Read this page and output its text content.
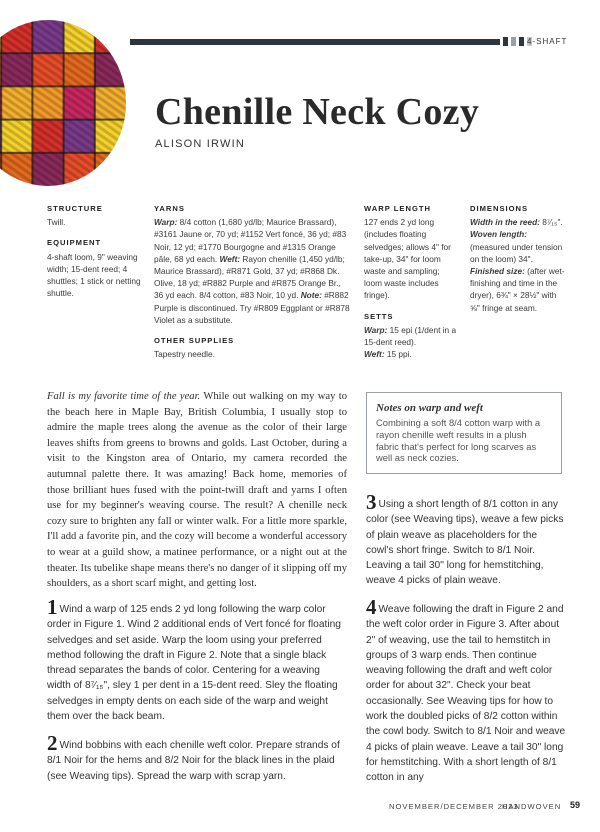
4-SHAFT
Chenille Neck Cozy
ALISON IRWIN
STRUCTURE

Twill.

EQUIPMENT

4-shaft loom, 9" weaving width; 15-dent reed; 4 shuttles; 1 stick or netting shuttle.

YARNS

Warp: 8/4 cotton (1,680 yd/lb; Maurice Brassard), #3161 Jaune or, 70 yd; #1152 Vert foncé, 36 yd; #83 Noir, 12 yd; #1770 Bourgogne and #1315 Orange pâle, 68 yd each. Weft: Rayon chenille (1,450 yd/lb; Maurice Brassard), #R871 Gold, 37 yd; #R868 Dk. Olive, 18 yd; #R882 Purple and #R875 Orange Br., 36 yd each. 8/4 cotton, #83 Noir, 10 yd. Note: #R882 Purple is discontinued. Try #R809 Eggplant or #R878 Violet as a substitute.

OTHER SUPPLIES

Tapestry needle.

WARP LENGTH

127 ends 2 yd long (includes floating selvedges; allows 4" for take-up, 34" for loom waste and sampling; loom waste includes fringe).

SETTS

Warp: 15 epi (1/dent in a 15-dent reed).

Weft: 15 ppi.

DIMENSIONS

Width in the reed: 8⁷⁄₁₅".

Woven length: (measured under tension on the loom) 34".

Finished size: (after wet-finishing and time in the dryer), 6¾" × 28½" with ⅝" fringe at seam.

Fall is my favorite time of the year. While out walking on my way to the beach here in Maple Bay, British Columbia, I usually stop to admire the maple trees along the avenue as the color of their large leaves shifts from greens to browns and golds. Last October, during a visit to the Kingston area of Ontario, my camera recorded the autumnal palette there. It was amazing! Back home, memories of those brilliant hues fused with the point-twill draft and yarns I often use for my beginner's weaving course. The result? A chenille neck cozy sure to brighten any fall or winter walk. For a little more sparkle, I'll add a favorite pin, and the cozy will become a wonderful accessory to wear at a guild show, a matinee performance, or a night out at the theater. Its tubelike shape means there's no danger of it slipping off my shoulders, as a short scarf might, and getting lost.

1 Wind a warp of 125 ends 2 yd long following the warp color order in Figure 1. Wind 2 additional ends of Vert foncé for floating selvedges and set aside. Warp the loom using your preferred method following the draft in Figure 2. Note that a single black thread separates the bands of color. Centering for a weaving width of 8⁷⁄₁₅", sley 1 per dent in a 15-dent reed. Sley the floating selvedges in empty dents on each side of the warp and weight them over the back beam.

2 Wind bobbins with each chenille weft color. Prepare strands of 8/1 Noir for the hems and 8/2 Noir for the black lines in the plaid (see Weaving tips). Spread the warp with scrap yarn.

Notes on warp and weft
Combining a soft 8/4 cotton warp with a rayon chenille weft results in a plush fabric that's perfect for long scarves as well as neck cozies.

3 Using a short length of 8/1 cotton in any color (see Weaving tips), weave a few picks of plain weave as placeholders for the cowl's short fringe. Switch to 8/1 Noir. Leaving a tail 30" long for hemstitching, weave 4 picks of plain weave.

4 Weave following the draft in Figure 2 and the weft color order in Figure 3. After about 2" of weaving, use the tail to hemstitch in groups of 3 warp ends. Then continue weaving following the draft and weft color order for about 32". Check your beat occasionally. See Weaving tips for how to work the doubled picks of 8/2 cotton within the cowl body. Switch to 8/1 Noir and weave 4 picks of plain weave. Leave a tail 30" long for hemstitching. With a short length of 8/1 cotton in any

NOVEMBER/DECEMBER 2023
HANDWOVEN 59
